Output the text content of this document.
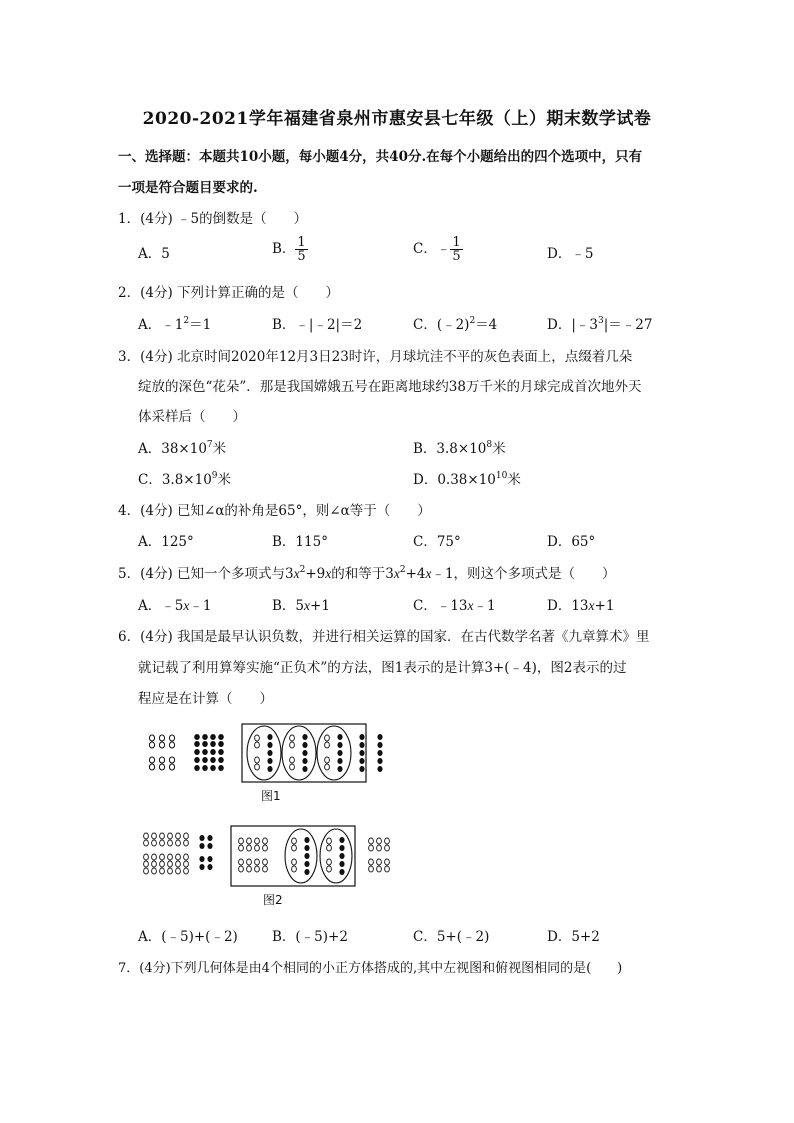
2020-2021学年福建省泉州市惠安县七年级（上）期末数学试卷
一、选择题：本题共10小题，每小题4分，共40分.在每个小题给出的四个选项中，只有
一项是符合题目要求的.
1．(4分) ﹣5的倒数是（　　）
A．5	B． $\frac{1}{5}$	C．﹣ $\frac{1}{5}$	D．﹣5
2．(4分) 下列计算正确的是（　　）
A．$﹣1^2=1$	B．﹣|﹣2|＝2	C．(﹣2)$^2$＝4	D．$|﹣3^3|=﹣27$
3．(4分) 北京时间2020年12月3日23时许，月球坑洼不平的灰色表面上，点缀着几朵
绽放的深色“花朵”．那是我国嫦娥五号在距离地球约38万千米的月球完成首次地外天
体采样后（　　）
A．$38\times 10^7$米	B．$3.8\times 10^8$米
C．$3.8\times 10^9$米	D．$0.38\times 10^{10}$米
4．(4分) 已知∠α的补角是65°，则∠α等于（　　）
A．125°	B．115°	C．75°	D．65°
5．(4分) 已知一个多项式与$3x^2+9x$的和等于$3x^2+4x﹣1$，则这个多项式是（　　）
A．﹣5x﹣1	B．5x+1	C．﹣13x﹣1	D．13x+1
6．(4分) 我国是最早认识负数，并进行相关运算的国家．在古代数学名著《九章算术》里
就记载了利用算筹实施“正负术”的方法，图1表示的是计算3+(﹣4)，图2表示的过
程应是在计算（　　）
图1
图2
A．(﹣5)+(﹣2)	B．(﹣5)+2	C．5+(﹣2)	D．5+2
7．(4分)下列几何体是由4个相同的小正方体搭成的,其中左视图和俯视图相同的是(　　)
